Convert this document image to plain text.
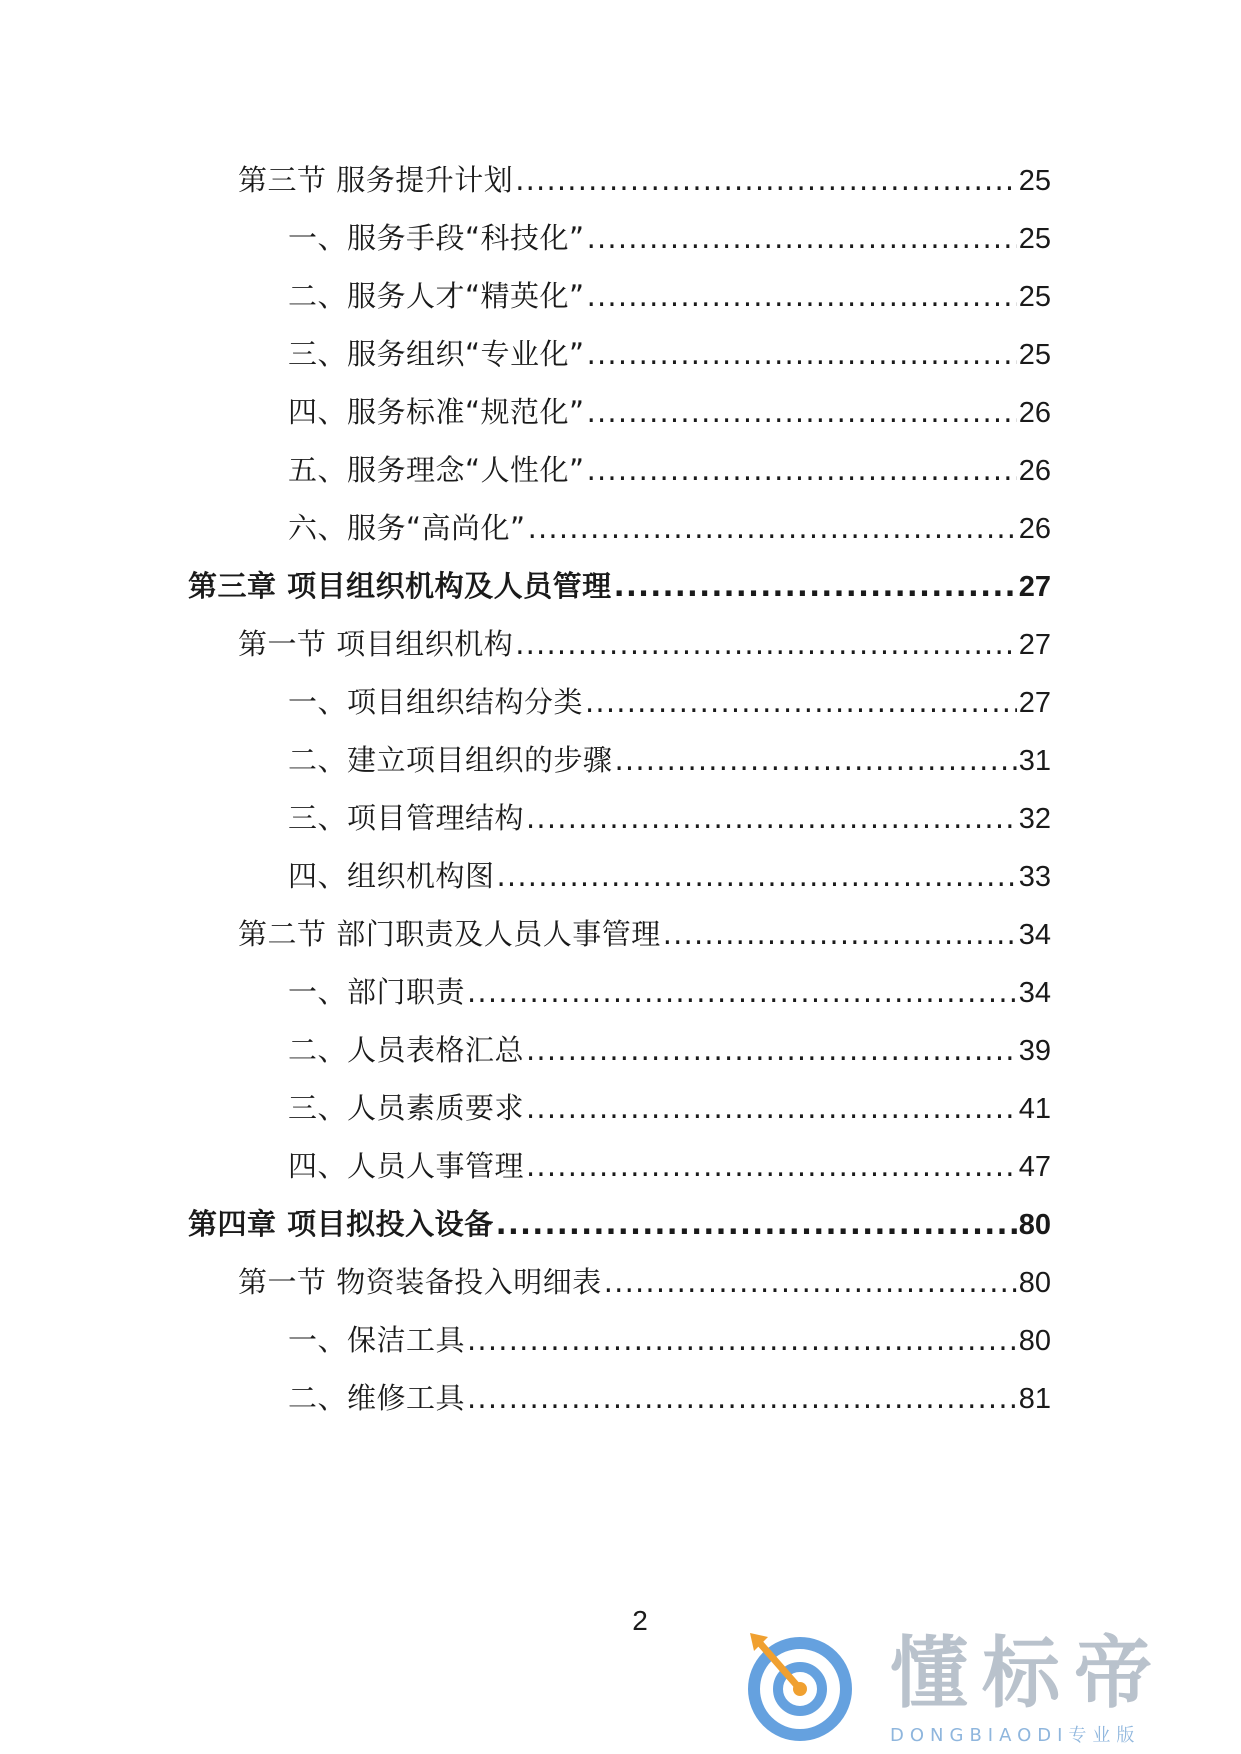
第三节 服务提升计划 .....	25
一、服务手段“科技化” .....	25
二、服务人才“精英化” .....	25
三、服务组织“专业化” .....	25
四、服务标准“规范化” .....	26
五、服务理念“人性化” .....	26
六、服务“高尚化” .....	26
第三章 项目组织机构及人员管理 .....	27
第一节 项目组织机构 .....	27
一、项目组织结构分类 .....	27
二、建立项目组织的步骤 .....	31
三、项目管理结构 .....	32
四、组织机构图 .....	33
第二节 部门职责及人员人事管理 .....	34
一、部门职责 .....	34
二、人员表格汇总 .....	39
三、人员素质要求 .....	41
四、人员人事管理 .....	47
第四章 项目拟投入设备 .....	80
第一节 物资装备投入明细表 .....	80
一、保洁工具 .....	80
二、维修工具 .....	81
2
懂标帝
DONGBIAODI专业版
